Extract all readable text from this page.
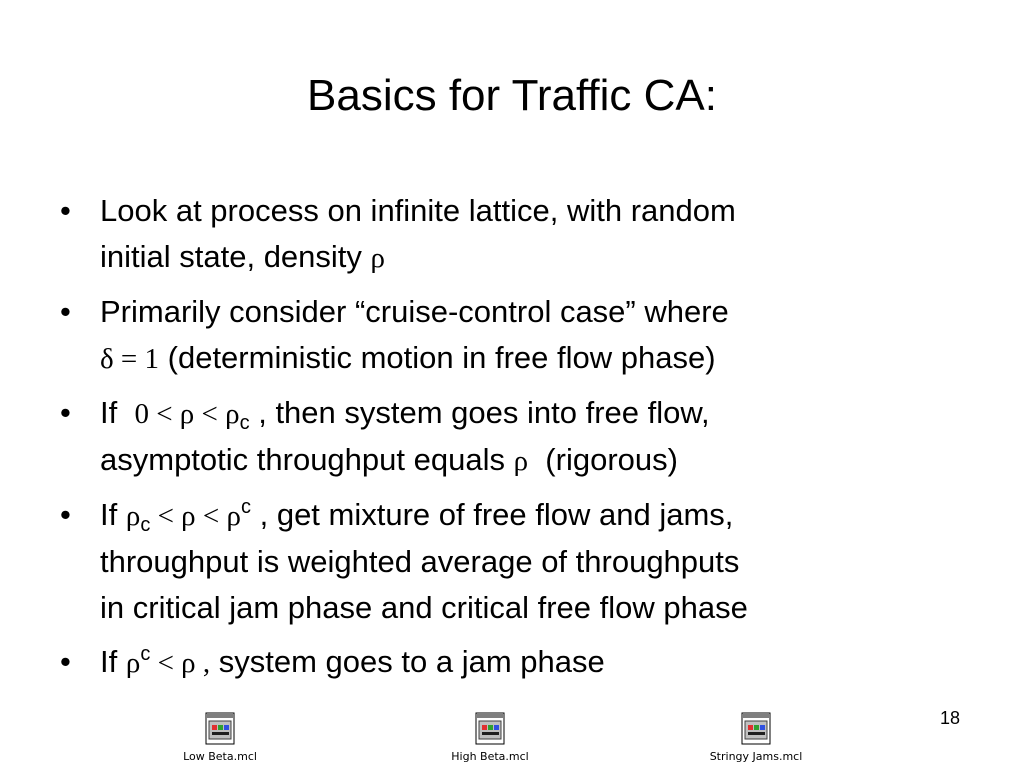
Basics for Traffic CA:
• Look at process on infinite lattice, with random
initial state, density ρ
• Primarily consider “cruise-control case” where
δ = 1 (deterministic motion in free flow phase)
• If  $0 < \rho < \rho_c$ , then system goes into free flow,
asymptotic throughput equals ρ  (rigorous)
• If $\rho_c < \rho < \rho^c$ , get mixture of free flow and jams,
throughput is weighted average of throughputs
in critical jam phase and critical free flow phase
• If $\rho^c < \rho$ , system goes to a jam phase
18
Low Beta.mcl	High Beta.mcl	Stringy Jams.mcl
